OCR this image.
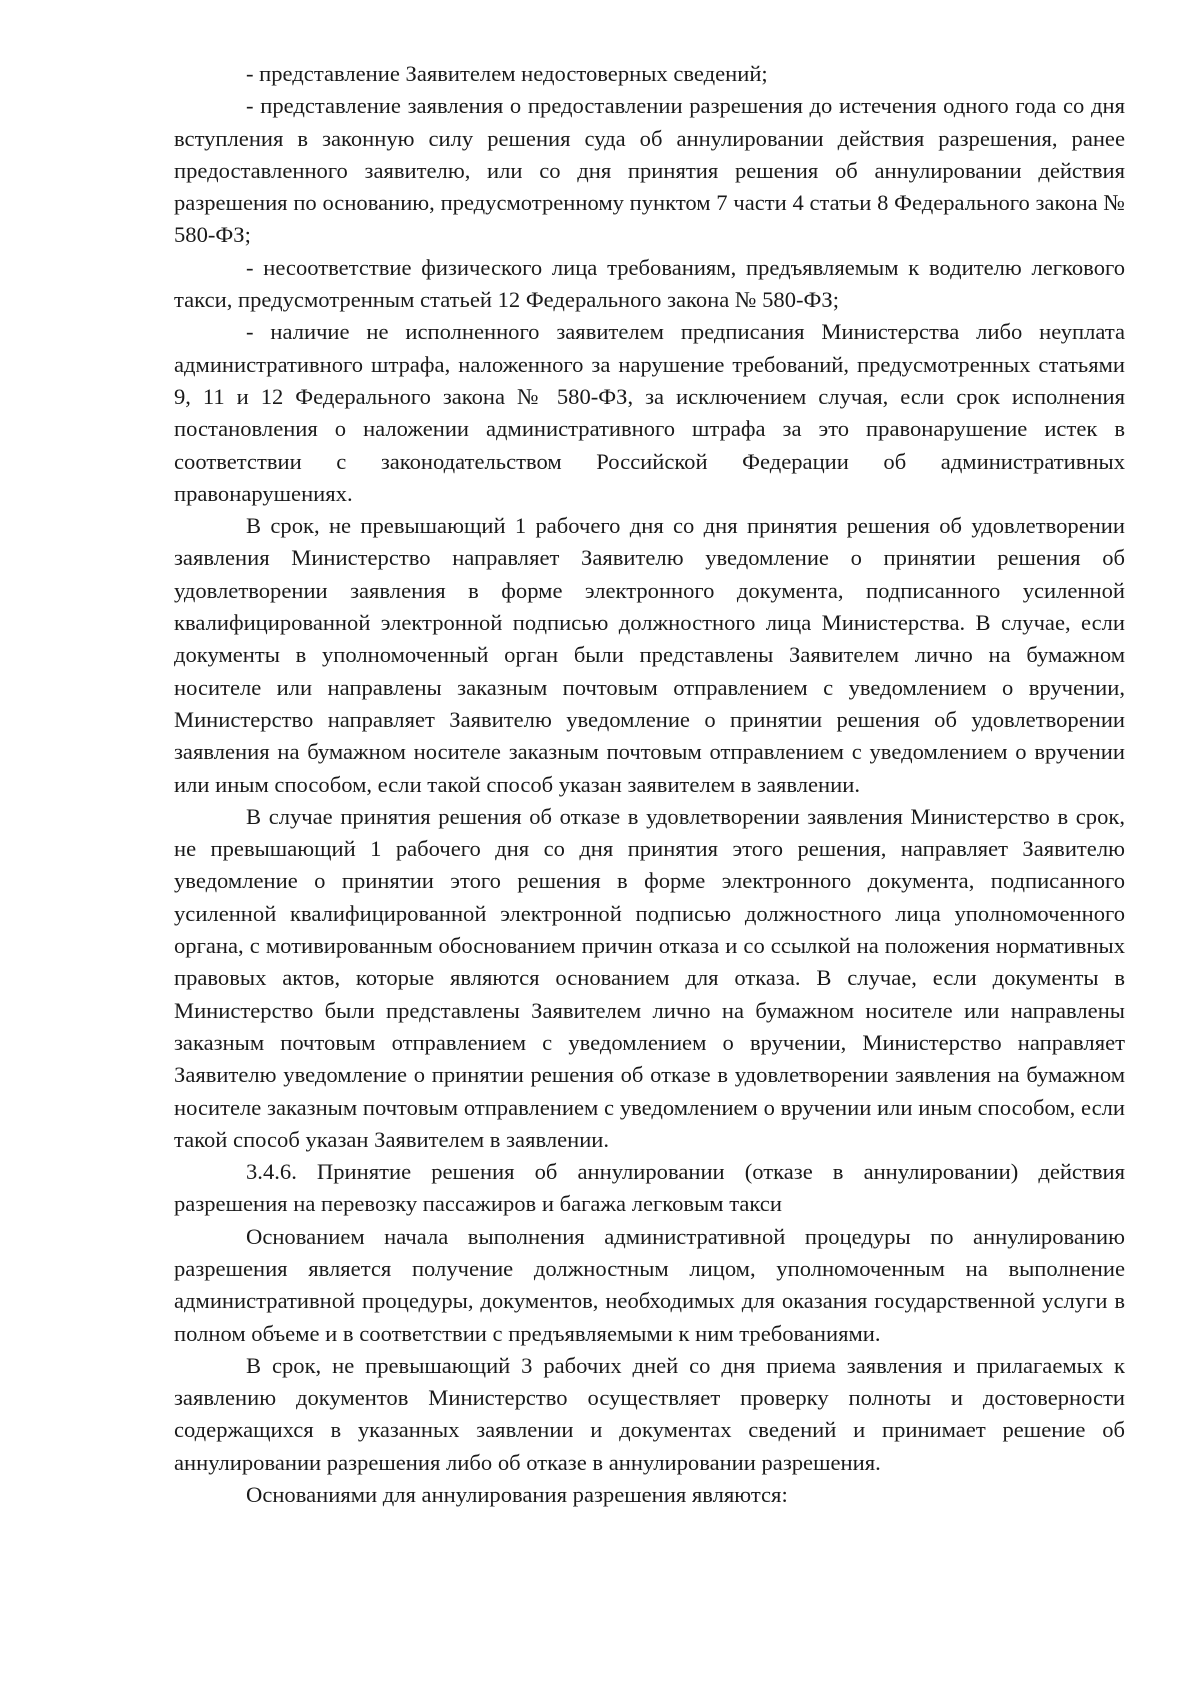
- представление Заявителем недостоверных сведений;

- представление заявления о предоставлении разрешения до истечения одного года со дня вступления в законную силу решения суда об аннулировании действия разрешения, ранее предоставленного заявителю, или со дня принятия решения об аннулировании действия разрешения по основанию, предусмотренному пунктом 7 части 4 статьи 8 Федерального закона № 580-ФЗ;

- несоответствие физического лица требованиям, предъявляемым к водителю легкового такси, предусмотренным статьей 12 Федерального закона № 580-ФЗ;

- наличие не исполненного заявителем предписания Министерства либо неуплата административного штрафа, наложенного за нарушение требований, предусмотренных статьями 9, 11 и 12 Федерального закона № 580-ФЗ, за исключением случая, если срок исполнения постановления о наложении административного штрафа за это правонарушение истек в соответствии с законодательством Российской Федерации об административных правонарушениях.

В срок, не превышающий 1 рабочего дня со дня принятия решения об удовлетворении заявления Министерство направляет Заявителю уведомление о принятии решения об удовлетворении заявления в форме электронного документа, подписанного усиленной квалифицированной электронной подписью должностного лица Министерства. В случае, если документы в уполномоченный орган были представлены Заявителем лично на бумажном носителе или направлены заказным почтовым отправлением с уведомлением о вручении, Министерство направляет Заявителю уведомление о принятии решения об удовлетворении заявления на бумажном носителе заказным почтовым отправлением с уведомлением о вручении или иным способом, если такой способ указан заявителем в заявлении.

В случае принятия решения об отказе в удовлетворении заявления Министерство в срок, не превышающий 1 рабочего дня со дня принятия этого решения, направляет Заявителю уведомление о принятии этого решения в форме электронного документа, подписанного усиленной квалифицированной электронной подписью должностного лица уполномоченного органа, с мотивированным обоснованием причин отказа и со ссылкой на положения нормативных правовых актов, которые являются основанием для отказа. В случае, если документы в Министерство были представлены Заявителем лично на бумажном носителе или направлены заказным почтовым отправлением с уведомлением о вручении, Министерство направляет Заявителю уведомление о принятии решения об отказе в удовлетворении заявления на бумажном носителе заказным почтовым отправлением с уведомлением о вручении или иным способом, если такой способ указан Заявителем в заявлении.

3.4.6. Принятие решения об аннулировании (отказе в аннулировании) действия разрешения на перевозку пассажиров и багажа легковым такси

Основанием начала выполнения административной процедуры по аннулированию разрешения является получение должностным лицом, уполномоченным на выполнение административной процедуры, документов, необходимых для оказания государственной услуги в полном объеме и в соответствии с предъявляемыми к ним требованиями.

В срок, не превышающий 3 рабочих дней со дня приема заявления и прилагаемых к заявлению документов Министерство осуществляет проверку полноты и достоверности содержащихся в указанных заявлении и документах сведений и принимает решение об аннулировании разрешения либо об отказе в аннулировании разрешения.

Основаниями для аннулирования разрешения являются:
